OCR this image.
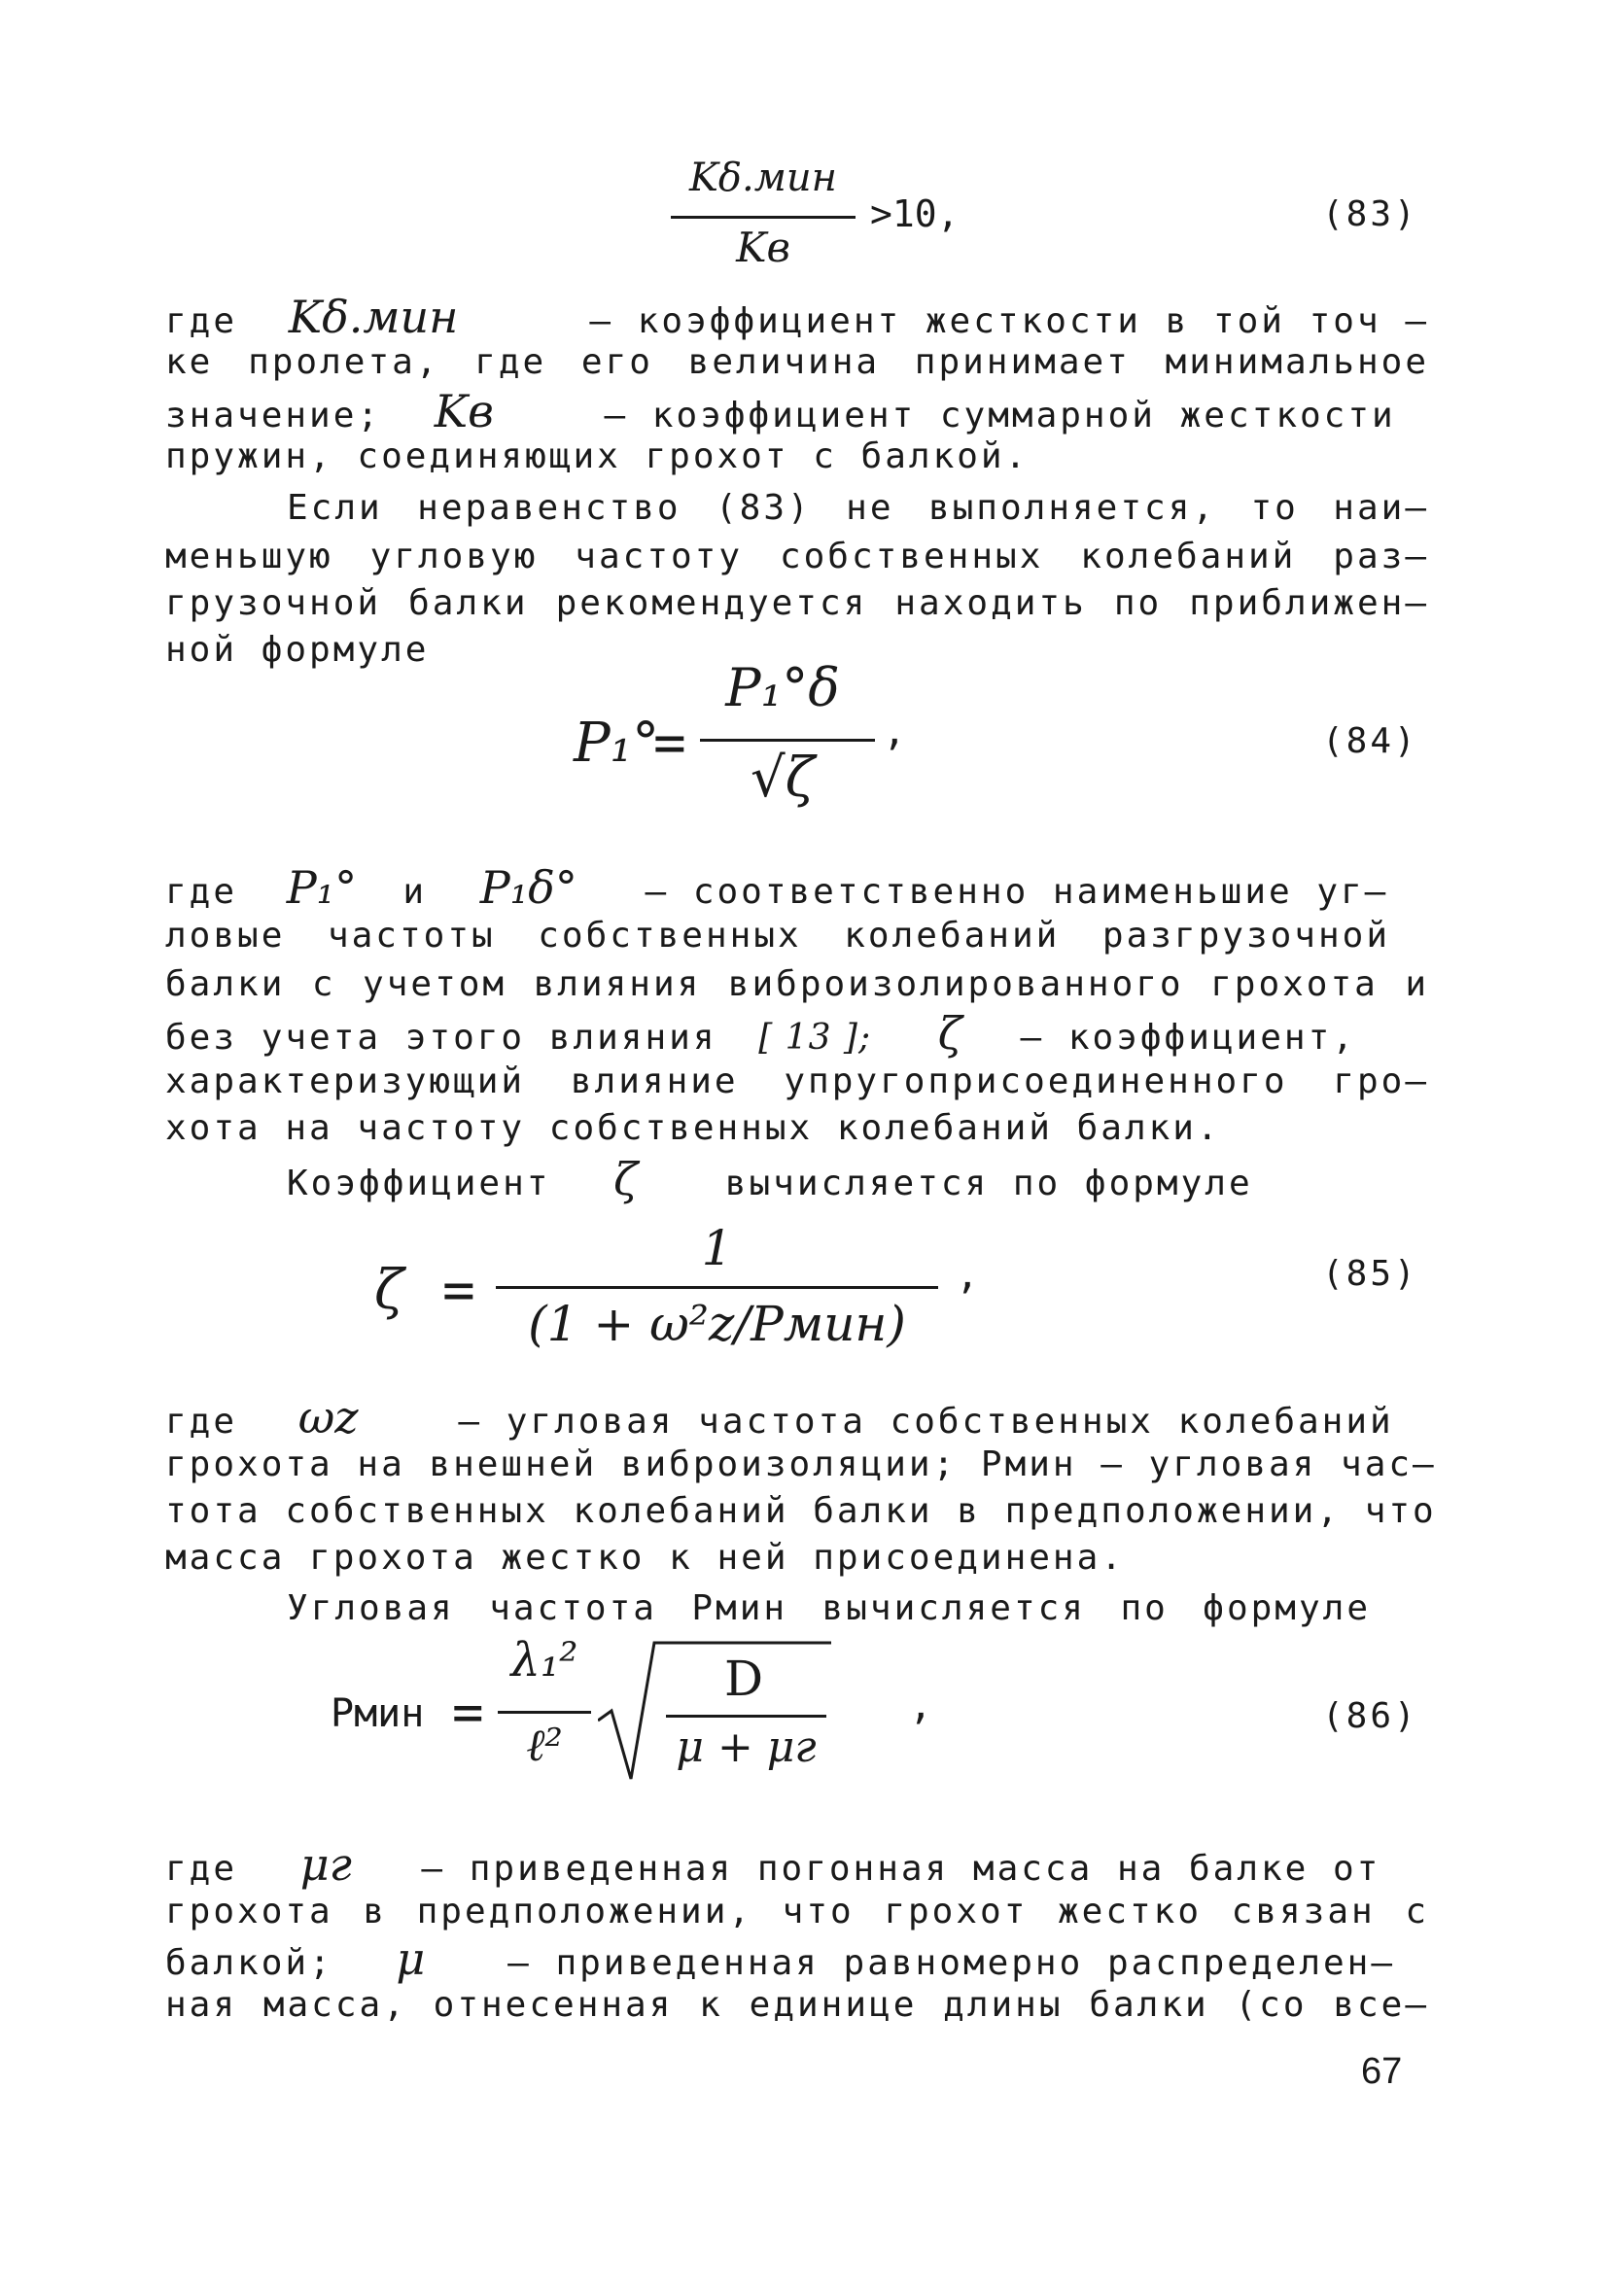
Kδ.мин
Kв
>10,	(83)
где Kδ.мин	– коэффициент жесткости в той точ –
ке пролета, где его величина принимает минимальное
значение; Kв	– коэффициент суммарной жесткости
пружин, соединяющих грохот с балкой.
Если неравенство (83) не выполняется, то наи–
меньшую угловую частоту собственных колебаний раз–
грузочной балки рекомендуется находить по приближен–
ной формуле
P₁°
=
P₁°δ
√ζ
,	(84)
где P₁° и P₁δ° – соответственно наименьшие уг–
ловые частоты собственных колебаний разгрузочной
балки с учетом влияния виброизолированного грохота и
без учета этого влияния [ 13 ]; ζ – коэффициент,
характеризующий влияние упругоприсоединенного гро–
хота на частоту собственных колебаний балки.
Коэффициент ζ вычисляется по формуле
ζ =
1
(1 + ω²z/Pмин)
,	(85)
где ωz	– угловая частота собственных колебаний
грохота на внешней виброизоляции; Pмин – угловая час–
тота собственных колебаний балки в предположении, что
масса грохота жестко к ней присоединена.
Угловая частота Pмин вычисляется по формуле
Pмин =
λ₁²
ℓ²
D
μ + μг
,	(86)
где μг – приведенная погонная масса на балке от
грохота в предположении, что грохот жестко связан с
балкой; μ – приведенная равномерно распределен–
ная масса, отнесенная к единице длины балки (со все–
67
